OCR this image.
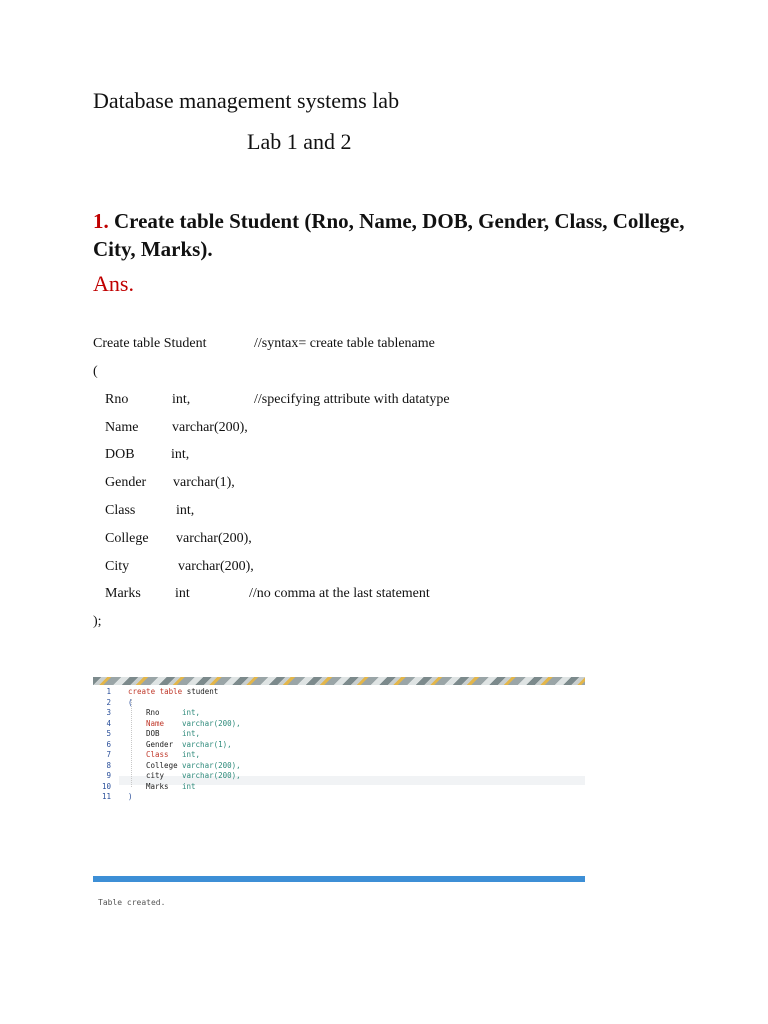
Database management systems lab
Lab 1 and 2
1. Create table Student (Rno, Name, DOB, Gender, Class, College, City, Marks).
Ans.
Create table Student	//syntax= create table tablename
(
Rno	int,	//specifying attribute with datatype
Name varchar(200),
DOB	int,
Gender varchar(1),
Class	int,
College varchar(200),
City	varchar(200),
Marks int	//no comma at the last statement
);
1
2
3
4
5
6
7
8
9
10
11
create table student
(
Rno	int,
Name varchar(200),
DOB	int,
Gender varchar(1),
Class int,
College varchar(200),
city varchar(200),
Marks int
)
Table created.
